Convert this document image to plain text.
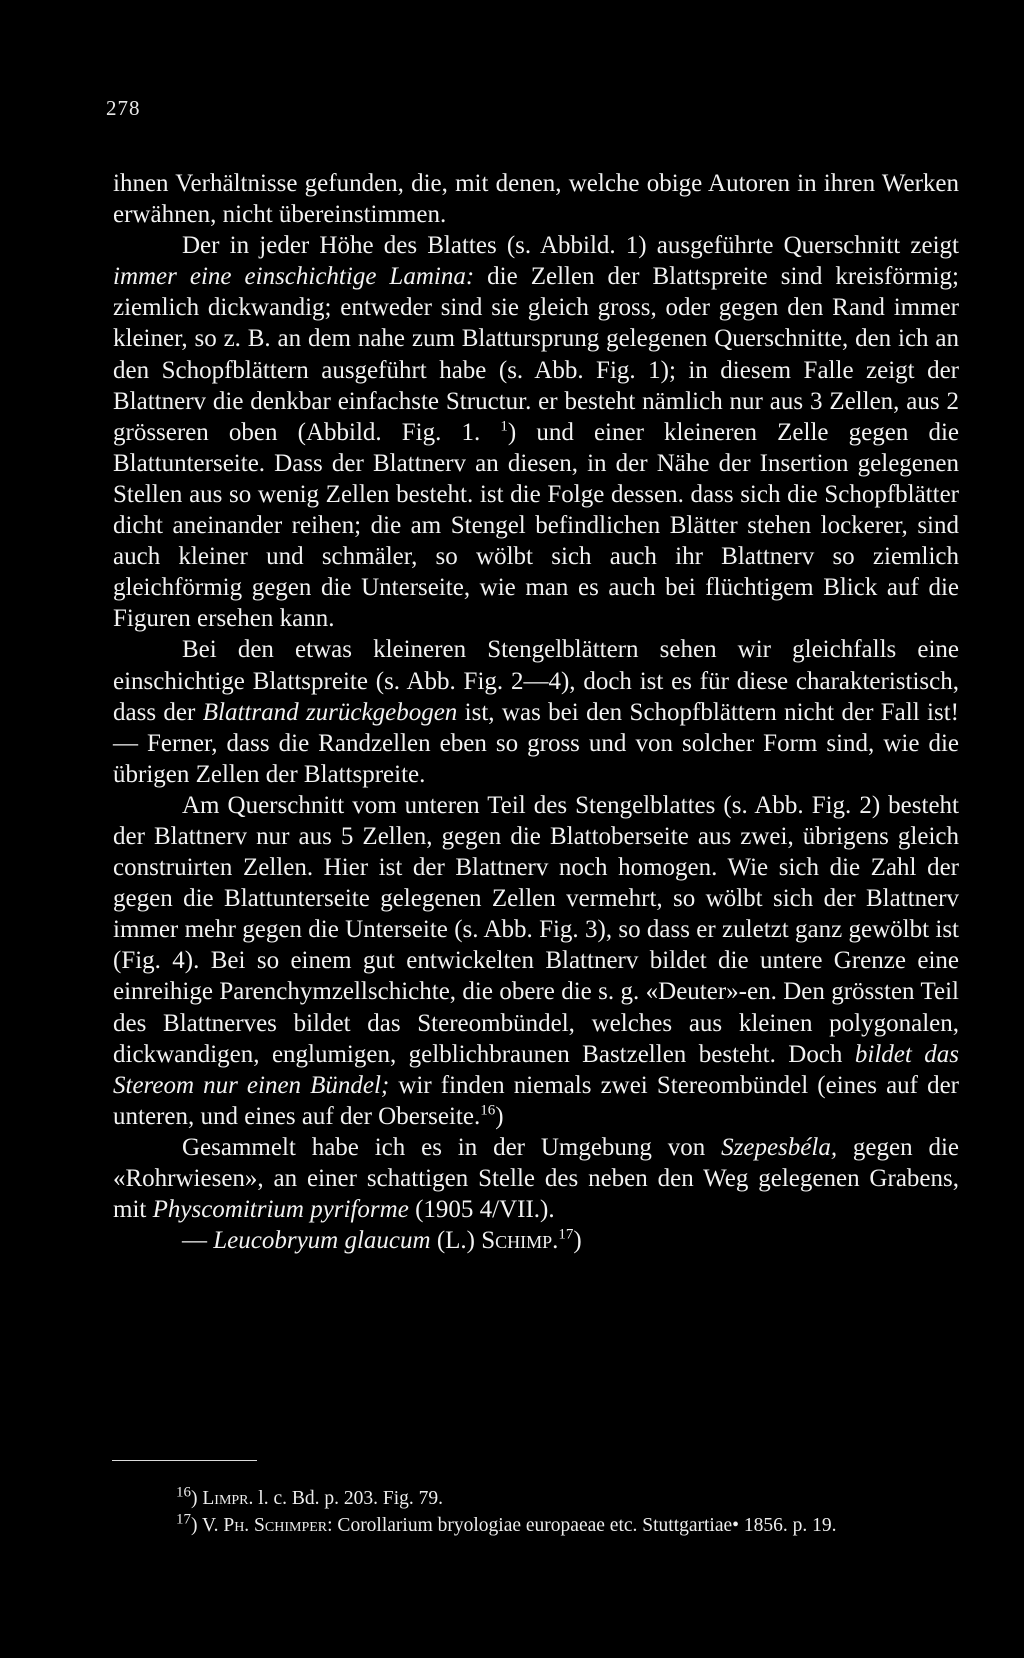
278

ihnen Verhältnisse gefunden, die, mit denen, welche obige Autoren in ihren Werken erwähnen, nicht übereinstimmen.

Der in jeder Höhe des Blattes (s. Abbild. 1) ausgeführte Querschnitt zeigt immer eine einschichtige Lamina: die Zellen der Blattspreite sind kreisförmig; ziemlich dickwandig; entweder sind sie gleich gross, oder gegen den Rand immer kleiner, so z. B. an dem nahe zum Blattursprung gelegenen Querschnitte, den ich an den Schopfblättern ausgeführt habe (s. Abb. Fig. 1); in diesem Falle zeigt der Blattnerv die denkbar einfachste Structur. er besteht nämlich nur aus 3 Zellen, aus 2 grösseren oben (Abbild. Fig. 1. $^1$) und einer kleineren Zelle gegen die Blattunterseite. Dass der Blattnerv an diesen, in der Nähe der Insertion gelegenen Stellen aus so wenig Zellen besteht. ist die Folge dessen. dass sich die Schopfblätter dicht aneinander reihen; die am Stengel befindlichen Blätter stehen lockerer, sind auch kleiner und schmäler, so wölbt sich auch ihr Blattnerv so ziemlich gleichförmig gegen die Unterseite, wie man es auch bei flüchtigem Blick auf die Figuren ersehen kann.

Bei den etwas kleineren Stengelblättern sehen wir gleichfalls eine einschichtige Blattspreite (s. Abb. Fig. 2—4), doch ist es für diese charakteristisch, dass der Blattrand zurückgebogen ist, was bei den Schopfblättern nicht der Fall ist! — Ferner, dass die Randzellen eben so gross und von solcher Form sind, wie die übrigen Zellen der Blattspreite.

Am Querschnitt vom unteren Teil des Stengelblattes (s. Abb. Fig. 2) besteht der Blattnerv nur aus 5 Zellen, gegen die Blattoberseite aus zwei, übrigens gleich construirten Zellen. Hier ist der Blattnerv noch homogen. Wie sich die Zahl der gegen die Blattunterseite gelegenen Zellen vermehrt, so wölbt sich der Blattnerv immer mehr gegen die Unterseite (s. Abb. Fig. 3), so dass er zuletzt ganz gewölbt ist (Fig. 4). Bei so einem gut entwickelten Blattnerv bildet die untere Grenze eine einreihige Parenchymzellschichte, die obere die s. g. «Deuter»-en. Den grössten Teil des Blattnerves bildet das Stereombündel, welches aus kleinen polygonalen, dickwandigen, englumigen, gelblichbraunen Bastzellen besteht. Doch bildet das Stereom nur einen Bündel; wir finden niemals zwei Stereombündel (eines auf der unteren, und eines auf der Oberseite.$^{16}$)

Gesammelt habe ich es in der Umgebung von Szepesbéla, gegen die «Rohrwiesen», an einer schattigen Stelle des neben den Weg gelegenen Grabens, mit Physcomitrium pyriforme (1905 4/VII.).

— Leucobryum glaucum (L.) Schimp.$^{17}$)

$^{16}$) Limpr. l. c. Bd. p. 203. Fig. 79.

$^{17}$) V. Ph. Schimper: Corollarium bryologiae europaeae etc. Stuttgartiae• 1856. p. 19.
